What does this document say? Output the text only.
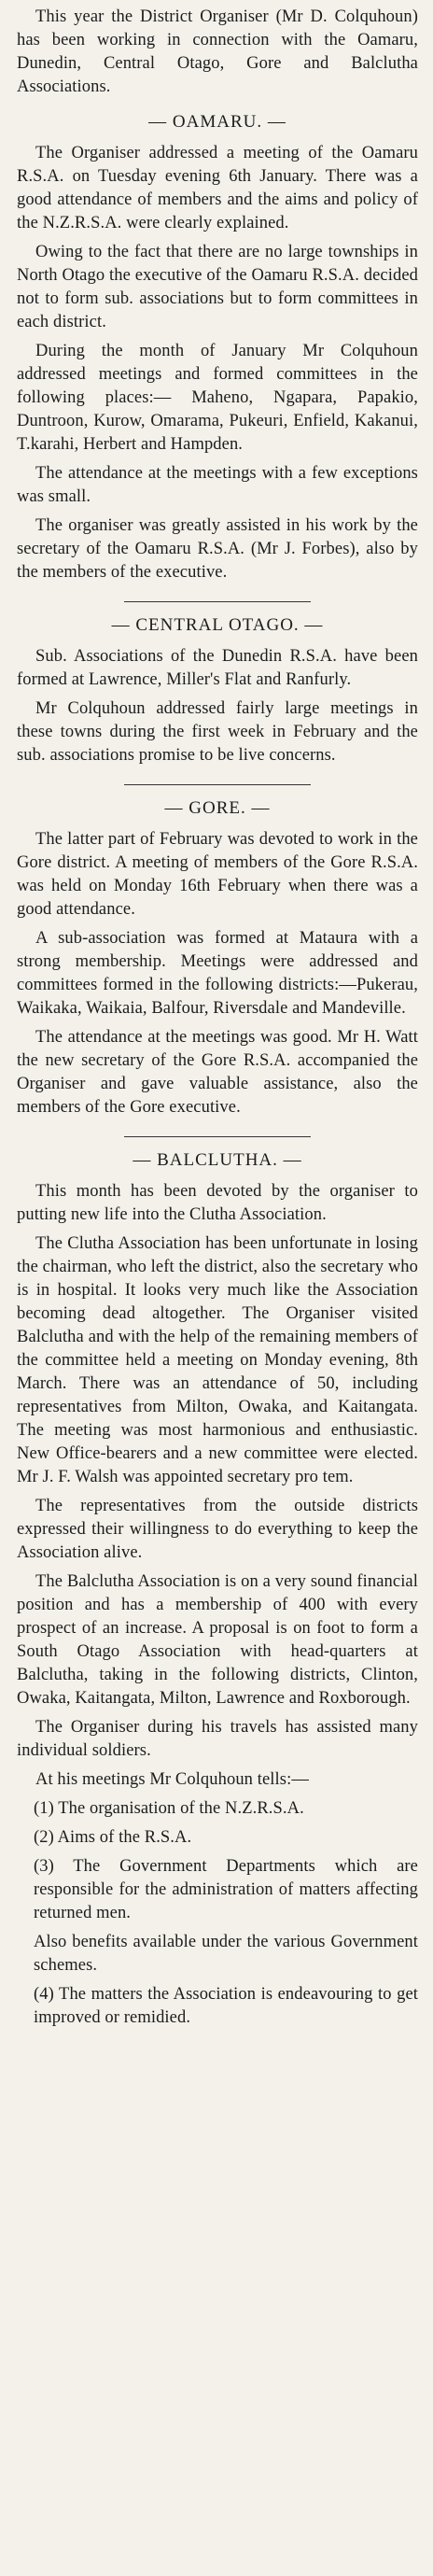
This year the District Organiser (Mr D. Colquhoun) has been working in connection with the Oamaru, Dunedin, Central Otago, Gore and Balclutha Associations.

— OAMARU. —

The Organiser addressed a meeting of the Oamaru R.S.A. on Tuesday evening 6th January. There was a good attendance of members and the aims and policy of the N.Z.R.S.A. were clearly explained.

Owing to the fact that there are no large townships in North Otago the executive of the Oamaru R.S.A. decided not to form sub. associations but to form committees in each district.

During the month of January Mr Colquhoun addressed meetings and formed committees in the following places:— Maheno, Ngapara, Papakio, Duntroon, Kurow, Omarama, Pukeuri, Enfield, Kakanui, T.karahi, Herbert and Hampden.

The attendance at the meetings with a few exceptions was small.

The organiser was greatly assisted in his work by the secretary of the Oamaru R.S.A. (Mr J. Forbes), also by the members of the executive.

— CENTRAL OTAGO. —

Sub. Associations of the Dunedin R.S.A. have been formed at Lawrence, Miller's Flat and Ranfurly.

Mr Colquhoun addressed fairly large meetings in these towns during the first week in February and the sub. associations promise to be live concerns.

— GORE. —

The latter part of February was devoted to work in the Gore district. A meeting of members of the Gore R.S.A. was held on Monday 16th February when there was a good attendance.

A sub-association was formed at Mataura with a strong membership. Meetings were addressed and committees formed in the following districts:—Pukerau, Waikaka, Waikaia, Balfour, Riversdale and Mandeville.

The attendance at the meetings was good. Mr H. Watt the new secretary of the Gore R.S.A. accompanied the Organiser and gave valuable assistance, also the members of the Gore executive.

— BALCLUTHA. —

This month has been devoted by the organiser to putting new life into the Clutha Association.

The Clutha Association has been unfortunate in losing the chairman, who left the district, also the secretary who is in hospital. It looks very much like the Association becoming dead altogether. The Organiser visited Balclutha and with the help of the remaining members of the committee held a meeting on Monday evening, 8th March. There was an attendance of 50, including representatives from Milton, Owaka, and Kaitangata. The meeting was most harmonious and enthusiastic. New Office-bearers and a new committee were elected. Mr J. F. Walsh was appointed secretary pro tem.

The representatives from the outside districts expressed their willingness to do everything to keep the Association alive.

The Balclutha Association is on a very sound financial position and has a membership of 400 with every prospect of an increase. A proposal is on foot to form a South Otago Association with head-quarters at Balclutha, taking in the following districts, Clinton, Owaka, Kaitangata, Milton, Lawrence and Roxborough.

The Organiser during his travels has assisted many individual soldiers.

At his meetings Mr Colquhoun tells:—

(1) The organisation of the N.Z.R.S.A.

(2) Aims of the R.S.A.

(3) The Government Departments which are responsible for the administration of matters affecting returned men.

Also benefits available under the various Government schemes.

(4) The matters the Association is endeavouring to get improved or remidied.
